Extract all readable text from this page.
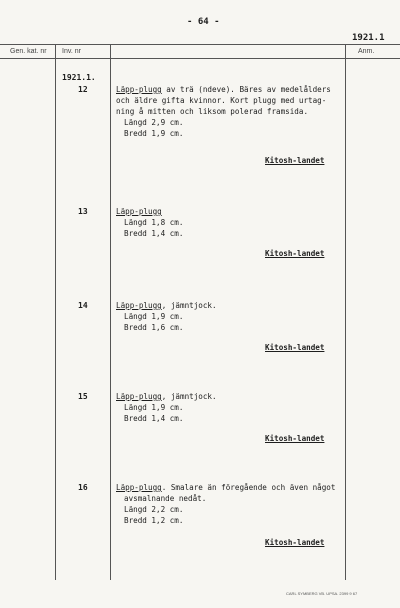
- 64 -
1921.1
Gen. kat. nr Inv. nr	Anm.
1921.1.
12	Läpp-plugg av trä (ndeve). Bäres av medelålders
och äldre gifta kvinnor. Kort plugg med urtag-
ning å mitten och liksom polerad framsida.
Längd 2,9 cm.
Bredd 1,9 cm.
Kitosh-landet
13	Läpp-plugg
Längd 1,8 cm.
Bredd 1,4 cm.
Kitosh-landet
14	Läpp-plugg, jämntjock.
Längd 1,9 cm.
Bredd 1,6 cm.
Kitosh-landet
15	Läpp-plugg, jämntjock.
Längd 1,9 cm.
Bredd 1,4 cm.
Kitosh-landet
16	Läpp-plugg. Smalare än föregående och även något
avsmalnande nedåt.
Längd 2,2 cm.
Bredd 1,2 cm.
Kitosh-landet
CARL SYMBERG VB. UPSA. 2399 9 67
